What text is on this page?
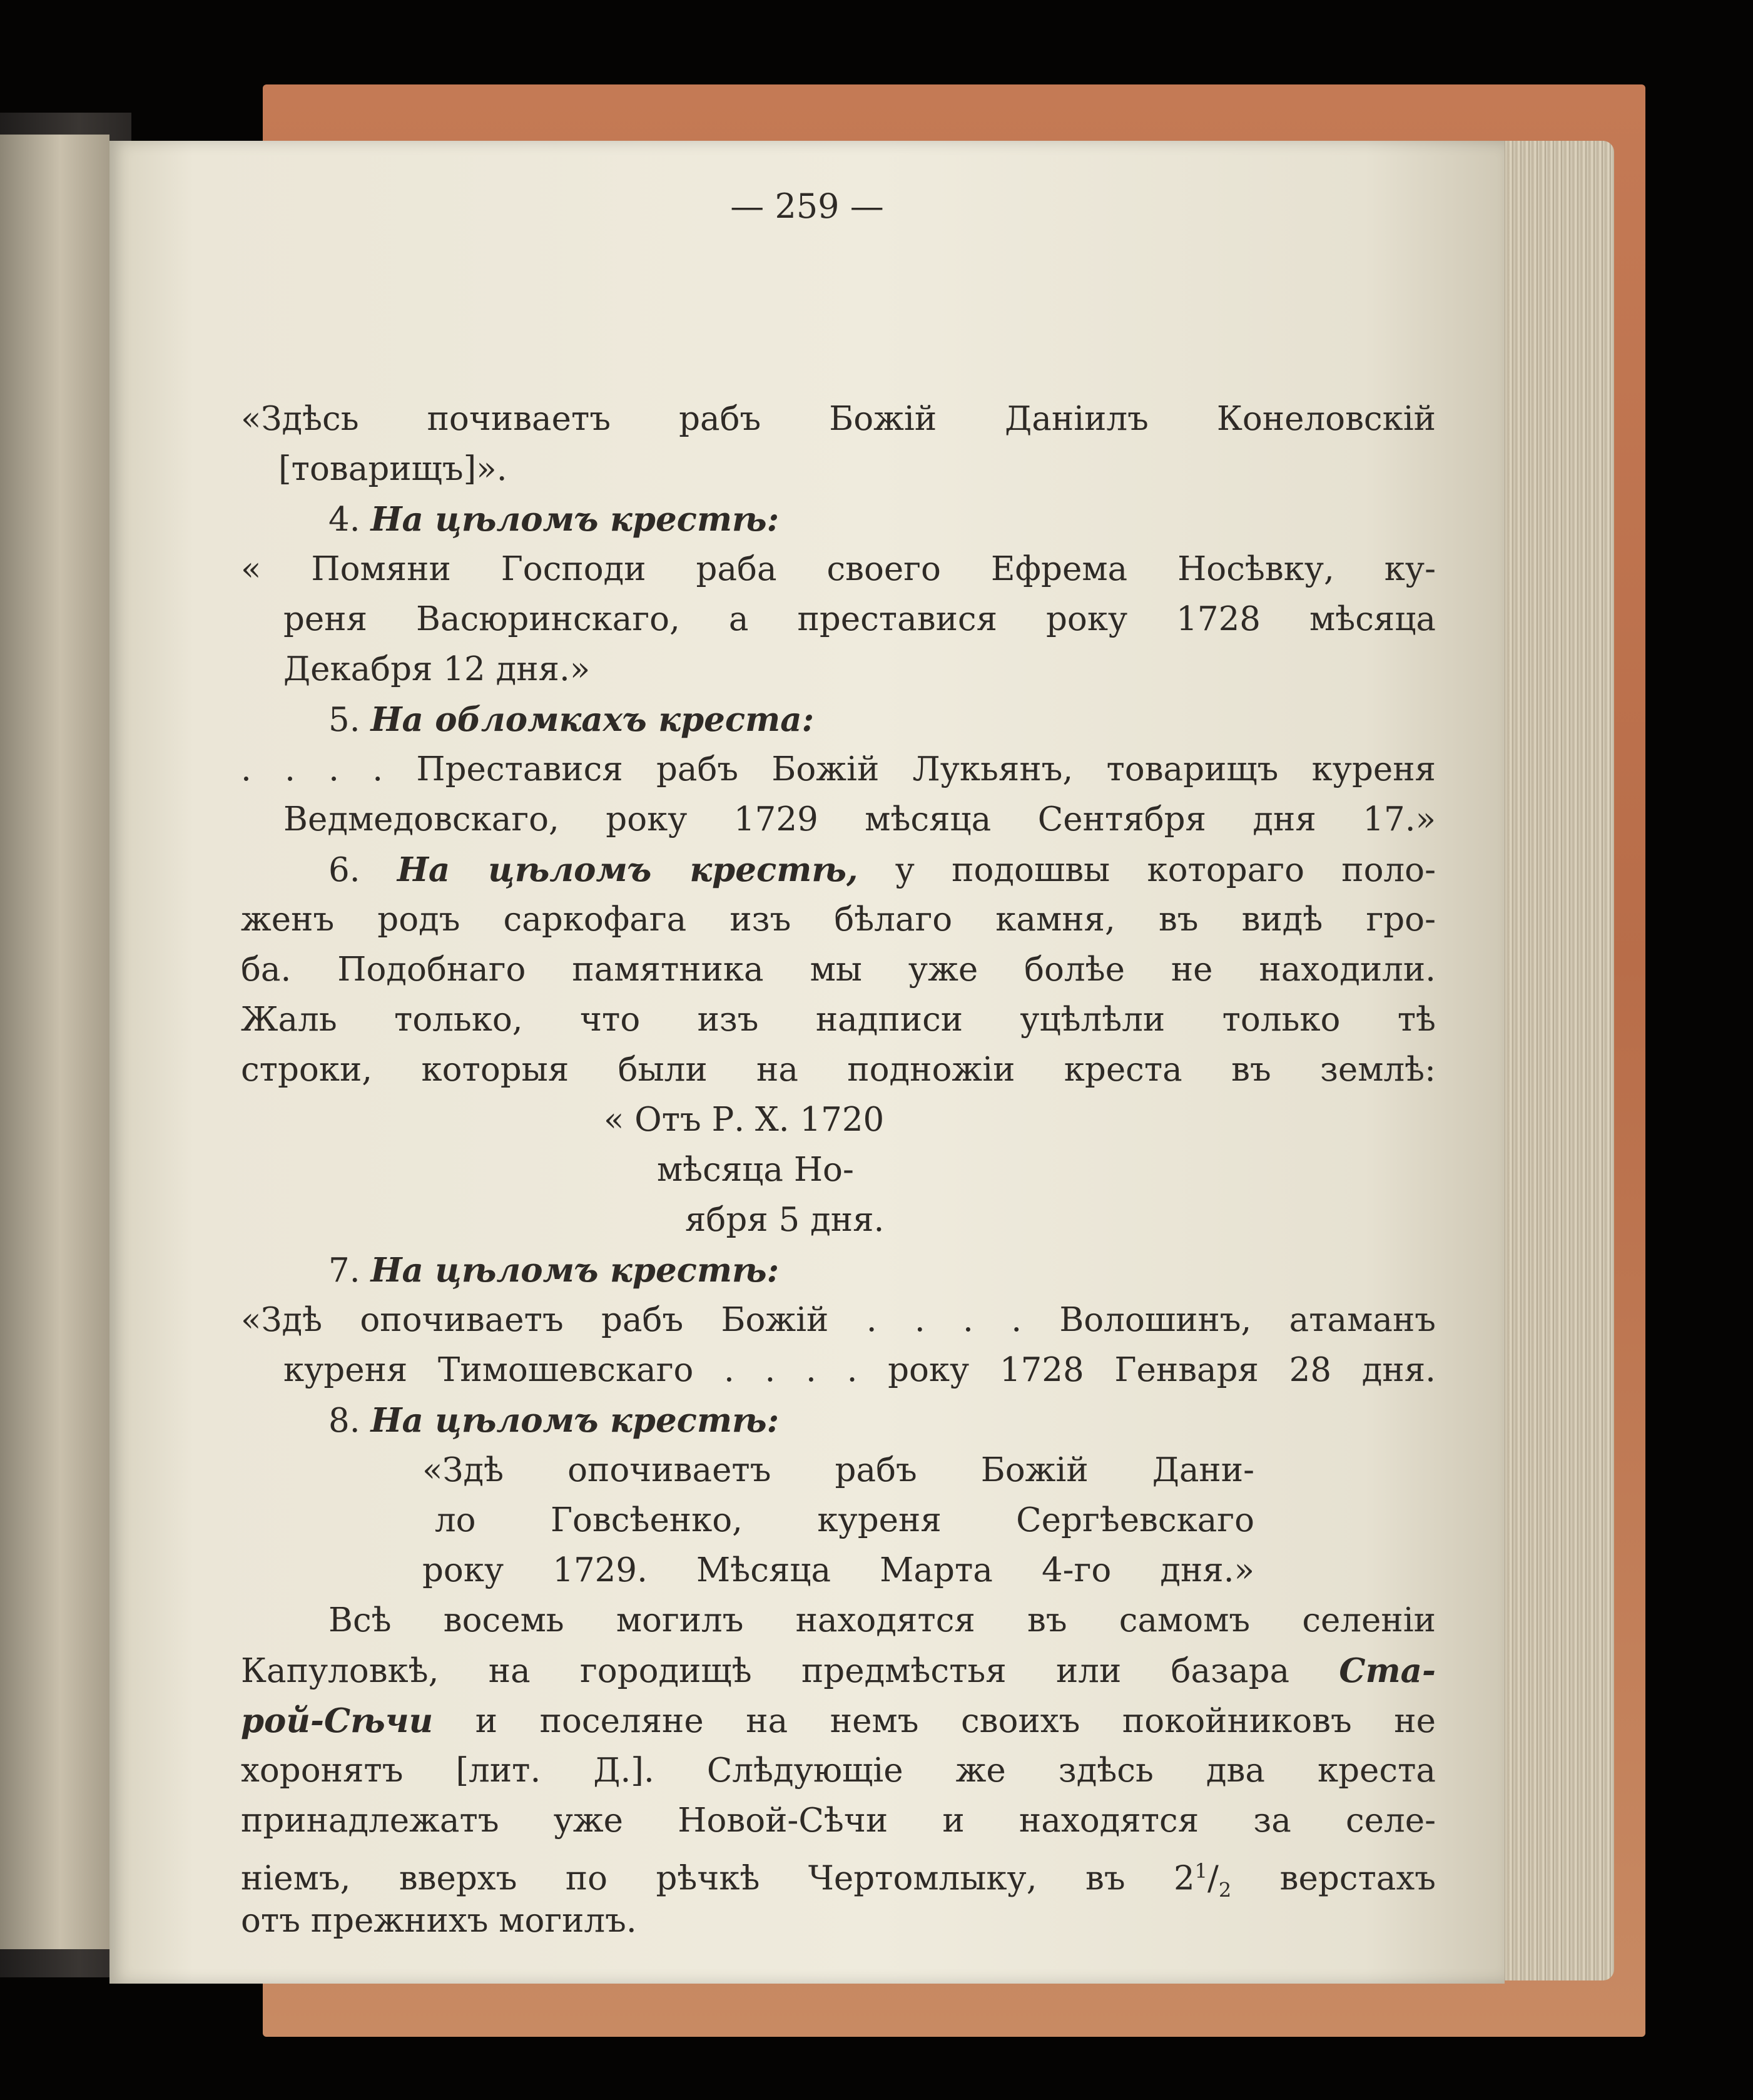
— 259 —
«Здѣсь почиваетъ рабъ Божій Даніилъ Конеловскій
[товарищъ]».
4. На цѣломъ крестѣ:
« Помяни Господи раба своего Ефрема Носѣвку, ку-
реня Васюринскаго, а преставися року 1728 мѣсяца
Декабря 12 дня.»
5. На обломкахъ креста:
. . . . Преставися рабъ Божій Лукьянъ, товарищъ куреня
Ведмедовскаго, року 1729 мѣсяца Сентября дня 17.»
6. На цѣломъ крестѣ, у подошвы котораго поло-
женъ родъ саркофага изъ бѣлаго камня, въ видѣ гро-
ба. Подобнаго памятника мы уже болѣе не находили.
Жаль только, что изъ надписи уцѣлѣли только тѣ
строки, которыя были на подножіи креста въ землѣ:
« Отъ Р. Х. 1720
мѣсяца Но-
ября 5 дня.
7. На цѣломъ крестѣ:
«Здѣ опочиваетъ рабъ Божій . . . . Волошинъ, атаманъ
куреня Тимошевскаго . . . . року 1728 Генваря 28 дня.
8. На цѣломъ крестѣ:
«Здѣ опочиваетъ рабъ Божій Дани-
ло Говсѣенко, куреня Сергѣевскаго
року 1729. Мѣсяца Марта 4-го дня.»
Всѣ восемь могилъ находятся въ самомъ селеніи
Капуловкѣ, на городищѣ предмѣстья или базара Ста-
рой-Сѣчи и поселяне на немъ своихъ покойниковъ не
хоронятъ [лит. Д.]. Слѣдующіе же здѣсь два креста
принадлежатъ уже Новой-Сѣчи и находятся за селе-
ніемъ, вверхъ по рѣчкѣ Чертомлыку, въ $2^1/_2$ верстахъ
отъ прежнихъ могилъ.
